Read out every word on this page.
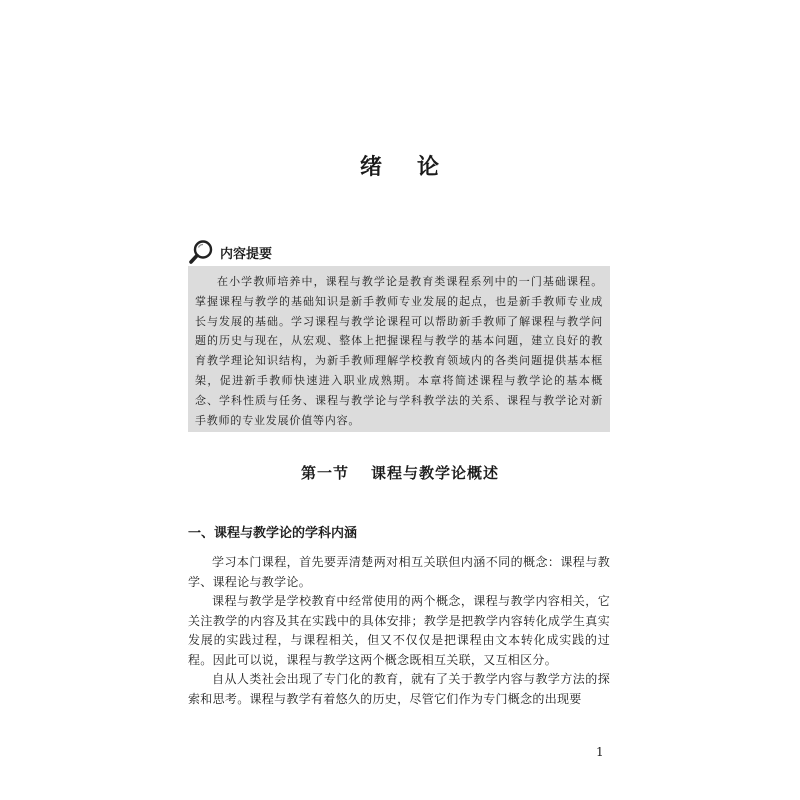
绪 论
内容提要

在小学教师培养中，课程与教学论是教育类课程系列中的一门基础课程。掌握课程与教学的基础知识是新手教师专业发展的起点，也是新手教师专业成长与发展的基础。学习课程与教学论课程可以帮助新手教师了解课程与教学问题的历史与现在，从宏观、整体上把握课程与教学的基本问题，建立良好的教育教学理论知识结构，为新手教师理解学校教育领域内的各类问题提供基本框架，促进新手教师快速进入职业成熟期。本章将简述课程与教学论的基本概念、学科性质与任务、课程与教学论与学科教学法的关系、课程与教学论对新手教师的专业发展价值等内容。

第一节 课程与教学论概述
一、课程与教学论的学科内涵

学习本门课程，首先要弄清楚两对相互关联但内涵不同的概念：课程与教学、课程论与教学论。

课程与教学是学校教育中经常使用的两个概念，课程与教学内容相关，它关注教学的内容及其在实践中的具体安排；教学是把教学内容转化成学生真实发展的实践过程，与课程相关，但又不仅仅是把课程由文本转化成实践的过程。因此可以说，课程与教学这两个概念既相互关联，又互相区分。

自从人类社会出现了专门化的教育，就有了关于教学内容与教学方法的探索和思考。课程与教学有着悠久的历史，尽管它们作为专门概念的出现要

1
